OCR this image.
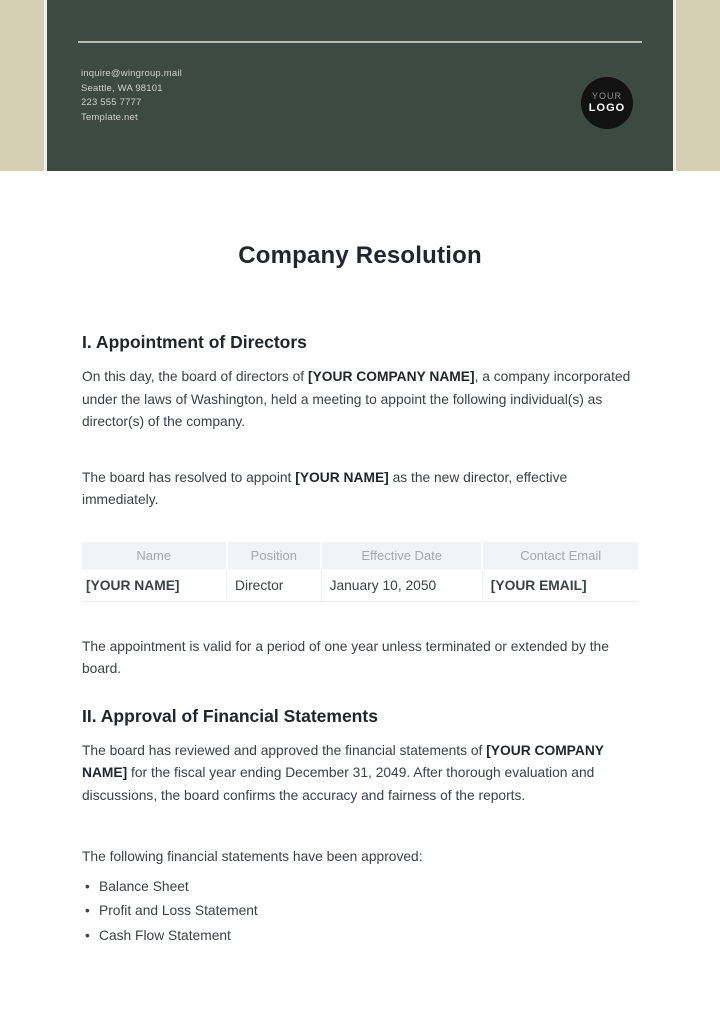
inquire@wingroup.mail
Seattle, WA 98101
223 555 7777
Template.net
YOUR
LOGO
Company Resolution
I. Appointment of Directors

On this day, the board of directors of [YOUR COMPANY NAME], a company incorporated under the laws of Washington, held a meeting to appoint the following individual(s) as director(s) of the company.

The board has resolved to appoint [YOUR NAME] as the new director, effective immediately.

Name	Position	Effective Date	Contact Email
[YOUR NAME]	Director	January 10, 2050	[YOUR EMAIL]

The appointment is valid for a period of one year unless terminated or extended by the board.

II. Approval of Financial Statements

The board has reviewed and approved the financial statements of [YOUR COMPANY NAME] for the fiscal year ending December 31, 2049. After thorough evaluation and discussions, the board confirms the accuracy and fairness of the reports.

The following financial statements have been approved:

• Balance Sheet
• Profit and Loss Statement
• Cash Flow Statement
